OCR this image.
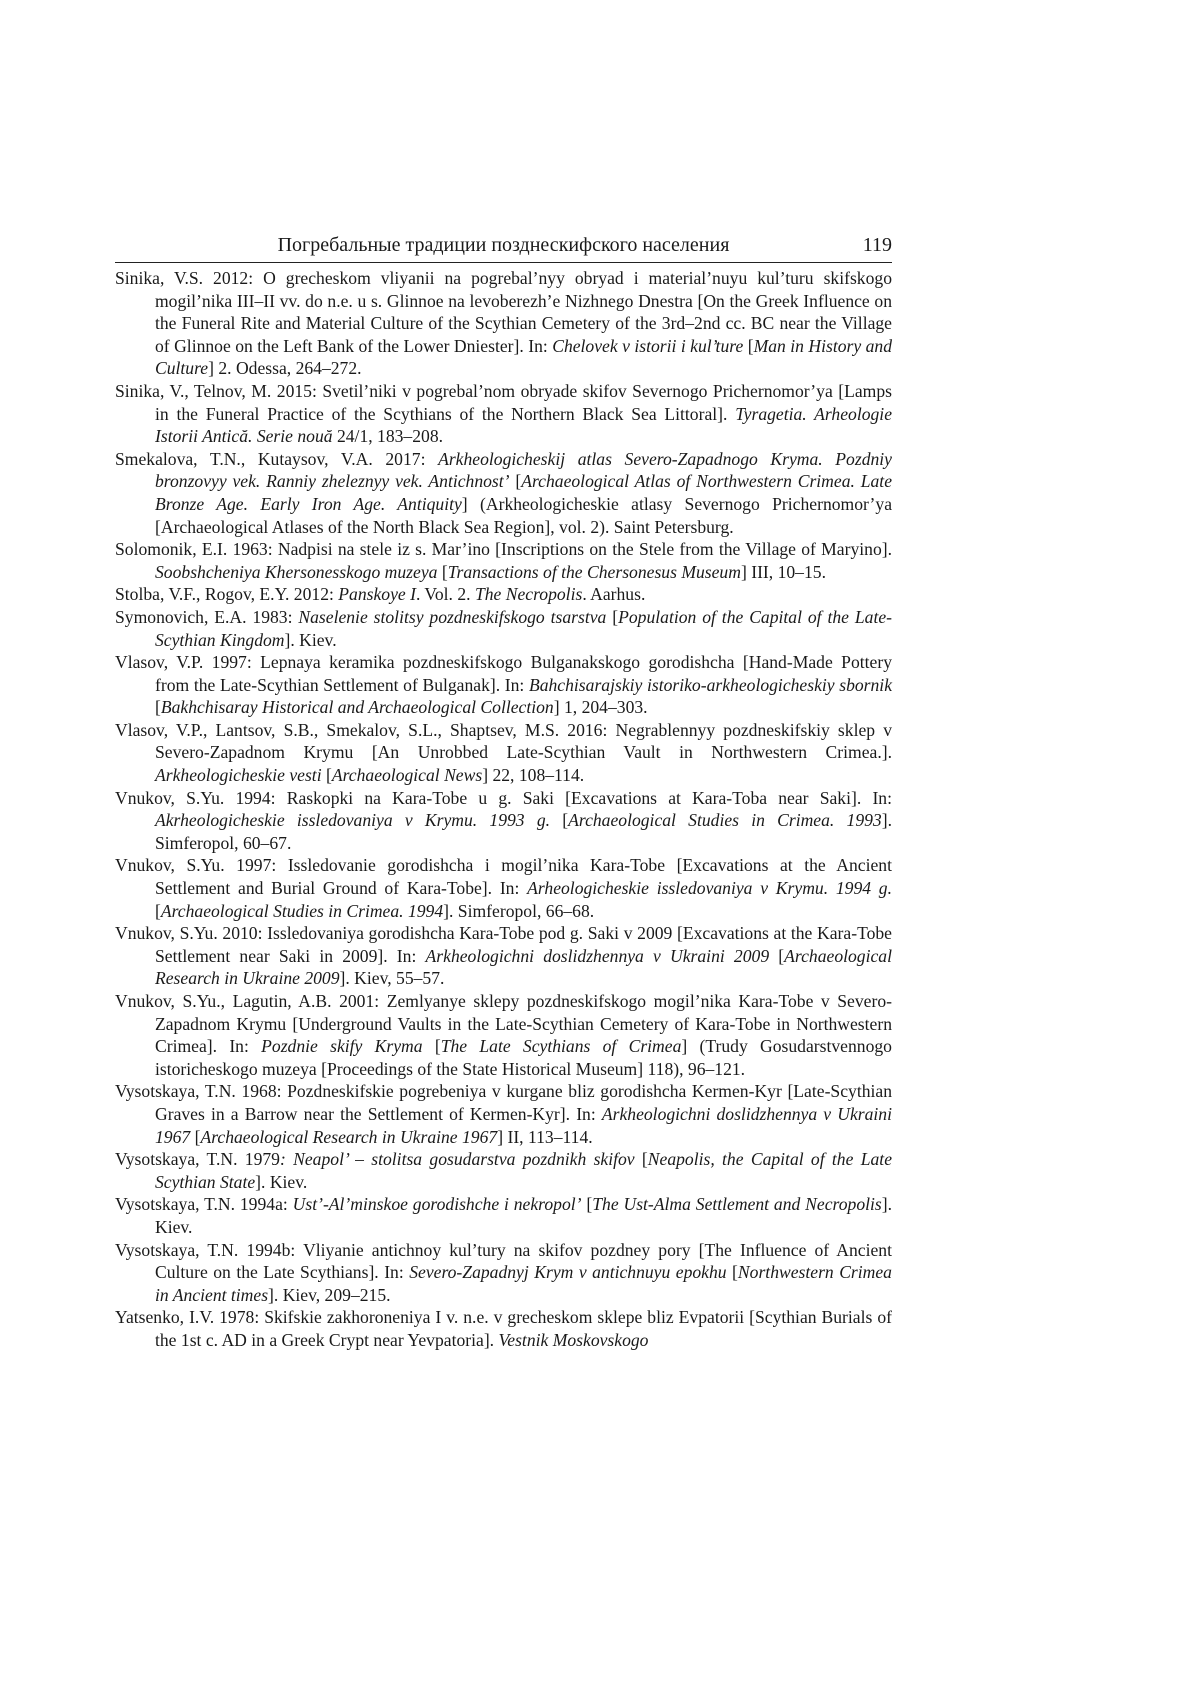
Погребальные традиции позднескифского населения	119

Sinika, V.S. 2012: O grecheskom vliyanii na pogrebal’nyy obryad i material’nuyu kul’turu skifskogo mogil’nika III–II vv. do n.e. u s. Glinnoe na levoberezh’e Nizhnego Dnestra [On the Greek Influence on the Funeral Rite and Material Culture of the Scythian Cemetery of the 3rd–2nd cc. BC near the Village of Glinnoe on the Left Bank of the Lower Dniester]. In: Chelovek v istorii i kul’ture [Man in History and Culture] 2. Odessa, 264–272.

Sinika, V., Telnov, M. 2015: Svetil’niki v pogrebal’nom obryade skifov Severnogo Prichernomor’ya [Lamps in the Funeral Practice of the Scythians of the Northern Black Sea Littoral]. Tyragetia. Arheologie Istorii Antică. Serie nouă 24/1, 183–208.

Smekalova, T.N., Kutaysov, V.A. 2017: Arkheologicheskij atlas Severo-Zapadnogo Kryma. Pozdniy bronzovyy vek. Ranniy zheleznyy vek. Antichnost’ [Archaeological Atlas of Northwestern Crimea. Late Bronze Age. Early Iron Age. Antiquity] (Arkheologicheskie atlasy Severnogo Prichernomor’ya [Archaeological Atlases of the North Black Sea Region], vol. 2). Saint Petersburg.

Solomonik, E.I. 1963: Nadpisi na stele iz s. Mar’ino [Inscriptions on the Stele from the Village of Maryino]. Soobshcheniya Khersonesskogo muzeya [Transactions of the Chersonesus Museum] III, 10–15.

Stolba, V.F., Rogov, E.Y. 2012: Panskoye I. Vol. 2. The Necropolis. Aarhus.

Symonovich, E.A. 1983: Naselenie stolitsy pozdneskifskogo tsarstva [Population of the Capital of the Late-Scythian Kingdom]. Kiev.

Vlasov, V.P. 1997: Lepnaya keramika pozdneskifskogo Bulganakskogo gorodishcha [Hand-Made Pottery from the Late-Scythian Settlement of Bulganak]. In: Bahchisarajskiy istoriko-arkheologicheskiy sbornik [Bakhchisaray Historical and Archaeological Collection] 1, 204–303.

Vlasov, V.P., Lantsov, S.B., Smekalov, S.L., Shaptsev, M.S. 2016: Negrablennyy pozdneskifskiy sklep v Severo-Zapadnom Krymu [An Unrobbed Late-Scythian Vault in Northwestern Crimea.]. Arkheologicheskie vesti [Archaeological News] 22, 108–114.

Vnukov, S.Yu. 1994: Raskopki na Kara-Tobe u g. Saki [Excavations at Kara-Toba near Saki]. In: Akrheologicheskie issledovaniya v Krymu. 1993 g. [Archaeological Studies in Crimea. 1993]. Simferopol, 60–67.

Vnukov, S.Yu. 1997: Issledovanie gorodishcha i mogil’nika Kara-Tobe [Excavations at the Ancient Settlement and Burial Ground of Kara-Tobe]. In: Arheologicheskie issledovaniya v Krymu. 1994 g. [Archaeological Studies in Crimea. 1994]. Simferopol, 66–68.

Vnukov, S.Yu. 2010: Issledovaniya gorodishcha Kara-Tobe pod g. Saki v 2009 [Excavations at the Kara-Tobe Settlement near Saki in 2009]. In: Arkheologichni doslidzhennya v Ukraini 2009 [Archaeological Research in Ukraine 2009]. Kiev, 55–57.

Vnukov, S.Yu., Lagutin, A.B. 2001: Zemlyanye sklepy pozdneskifskogo mogil’nika Kara-Tobe v Severo-Zapadnom Krymu [Underground Vaults in the Late-Scythian Cemetery of Kara-Tobe in Northwestern Crimea]. In: Pozdnie skify Kryma [The Late Scythians of Crimea] (Trudy Gosudarstvennogo istoricheskogo muzeya [Proceedings of the State Historical Museum] 118), 96–121.

Vysotskaya, T.N. 1968: Pozdneskifskie pogrebeniya v kurgane bliz gorodishcha Kermen-Kyr [Late-Scythian Graves in a Barrow near the Settlement of Kermen-Kyr]. In: Arkheologichni doslidzhennya v Ukraini 1967 [Archaeological Research in Ukraine 1967] II, 113–114.

Vysotskaya, T.N. 1979: Neapol’ – stolitsa gosudarstva pozdnikh skifov [Neapolis, the Capital of the Late Scythian State]. Kiev.

Vysotskaya, T.N. 1994a: Ust’-Al’minskoe gorodishche i nekropol’ [The Ust-Alma Settlement and Necropolis]. Kiev.

Vysotskaya, T.N. 1994b: Vliyanie antichnoy kul’tury na skifov pozdney pory [The Influence of Ancient Culture on the Late Scythians]. In: Severo-Zapadnyj Krym v antichnuyu epokhu [Northwestern Crimea in Ancient times]. Kiev, 209–215.

Yatsenko, I.V. 1978: Skifskie zakhoroneniya I v. n.e. v grecheskom sklepe bliz Evpatorii [Scythian Burials of the 1st c. AD in a Greek Crypt near Yevpatoria]. Vestnik Moskovskogo
